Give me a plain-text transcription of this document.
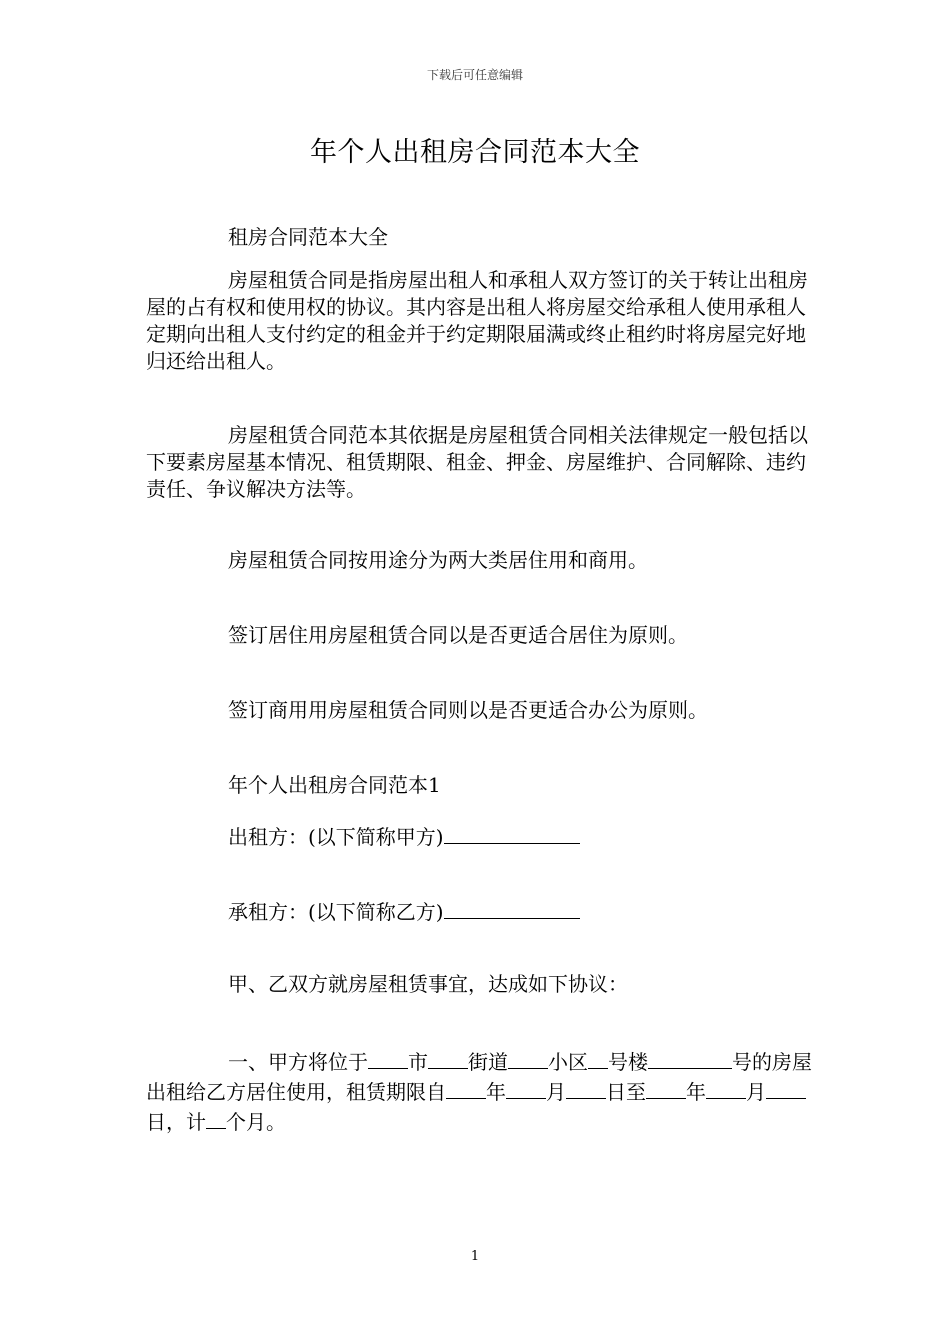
下载后可任意编辑
年个人出租房合同范本大全
租房合同范本大全
房屋租赁合同是指房屋出租人和承租人双方签订的关于转让出租房屋的占有权和使用权的协议。其内容是出租人将房屋交给承租人使用承租人定期向出租人支付约定的租金并于约定期限届满或终止租约时将房屋完好地归还给出租人。
房屋租赁合同范本其依据是房屋租赁合同相关法律规定一般包括以下要素房屋基本情况、租赁期限、租金、押金、房屋维护、合同解除、违约责任、争议解决方法等。
房屋租赁合同按用途分为两大类居住用和商用。
签订居住用房屋租赁合同以是否更适合居住为原则。
签订商用用房屋租赁合同则以是否更适合办公为原则。
年个人出租房合同范本1
出租方：(以下简称甲方)
承租方：(以下简称乙方)
甲、乙双方就房屋租赁事宜，达成如下协议：
一、甲方将位于 市 街道 小区 号楼	号的房屋出租给乙方居住使用，租赁期限自 年 月 日至 年 月日，计 个月。
1
